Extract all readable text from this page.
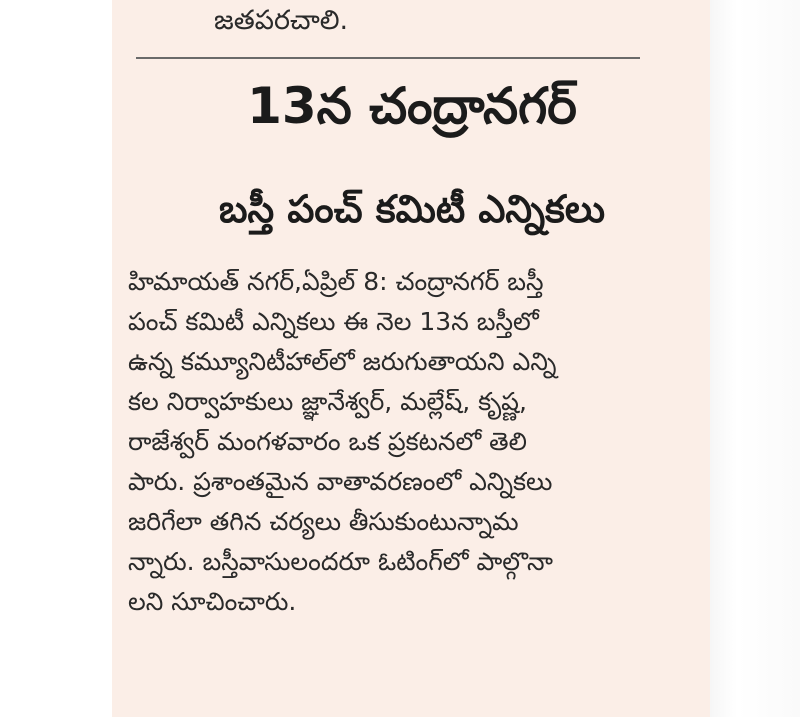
జతపరచాలి.
13న చంద్రానగర్
బస్తీ పంచ్ కమిటీ ఎన్నికలు
హిమాయత్ నగర్,ఏప్రిల్ 8: చంద్రానగర్ బస్తీ
పంచ్ కమిటీ ఎన్నికలు ఈ నెల 13న బస్తీలో
ఉన్న కమ్యూనిటీహాల్‌లో జరుగుతాయని ఎన్ని
కల నిర్వాహకులు జ్ఞానేశ్వర్, మల్లేష్, కృష్ణ,
రాజేశ్వర్ మంగళవారం ఒక ప్రకటనలో తెలి
పారు. ప్రశాంతమైన వాతావరణంలో ఎన్నికలు
జరిగేలా తగిన చర్యలు తీసుకుంటున్నామ
న్నారు. బస్తీవాసులందరూ ఓటింగ్‌లో పాల్గొనా
లని సూచించారు.
